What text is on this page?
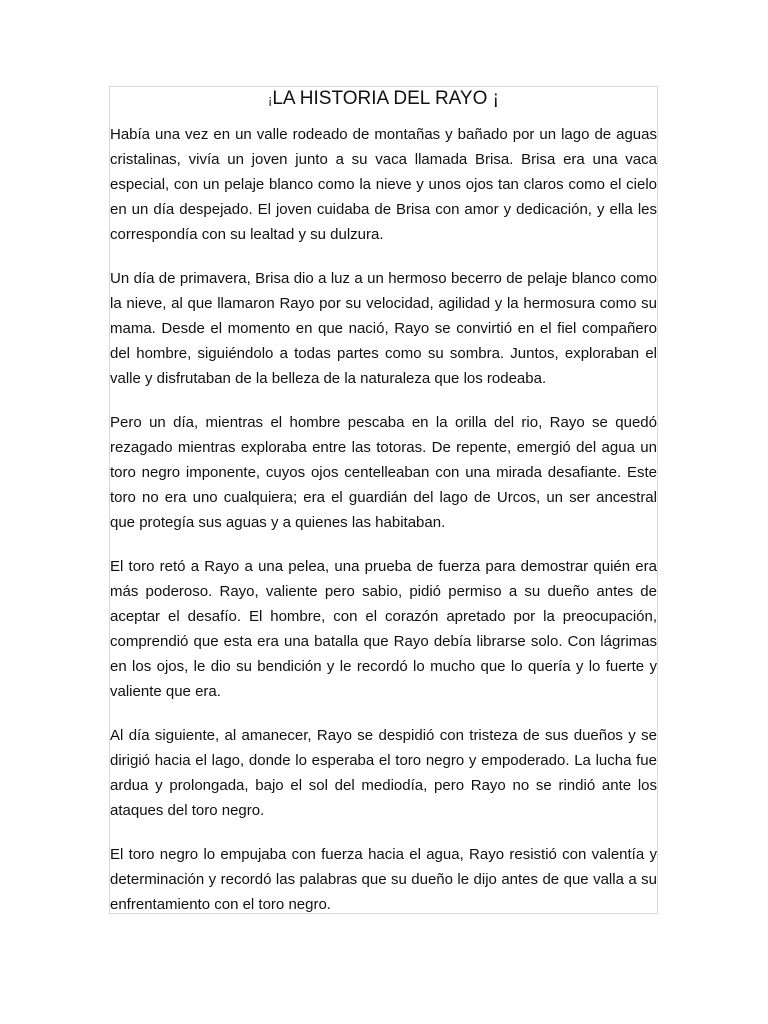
¡LA HISTORIA DEL RAYO ¡

Había una vez en un valle rodeado de montañas y bañado por un lago de aguas cristalinas, vivía un joven junto a su vaca llamada Brisa. Brisa era una vaca especial, con un pelaje blanco como la nieve y unos ojos tan claros como el cielo en un día despejado. El joven cuidaba de Brisa con amor y dedicación, y ella les correspondía con su lealtad y su dulzura.

Un día de primavera, Brisa dio a luz a un hermoso becerro de pelaje blanco como la nieve, al que llamaron Rayo por su velocidad, agilidad y la hermosura como su mama. Desde el momento en que nació, Rayo se convirtió en el fiel compañero del hombre, siguiéndolo a todas partes como su sombra. Juntos, exploraban el valle y disfrutaban de la belleza de la naturaleza que los rodeaba.

Pero un día, mientras el hombre pescaba en la orilla del rio, Rayo se quedó rezagado mientras exploraba entre las totoras. De repente, emergió del agua un toro negro imponente, cuyos ojos centelleaban con una mirada desafiante. Este toro no era uno cualquiera; era el guardián del lago de Urcos, un ser ancestral que protegía sus aguas y a quienes las habitaban.

El toro retó a Rayo a una pelea, una prueba de fuerza para demostrar quién era más poderoso. Rayo, valiente pero sabio, pidió permiso a su dueño antes de aceptar el desafío. El hombre, con el corazón apretado por la preocupación, comprendió que esta era una batalla que Rayo debía librarse solo. Con lágrimas en los ojos, le dio su bendición y le recordó lo mucho que lo quería y lo fuerte y valiente que era.

Al día siguiente, al amanecer, Rayo se despidió con tristeza de sus dueños y se dirigió hacia el lago, donde lo esperaba el toro negro y empoderado. La lucha fue ardua y prolongada, bajo el sol del mediodía, pero Rayo no se rindió ante los ataques del toro negro.

El toro negro lo empujaba con fuerza hacia el agua, Rayo resistió con valentía y determinación y recordó las palabras que su dueño le dijo antes de que valla a su enfrentamiento con el toro negro.
